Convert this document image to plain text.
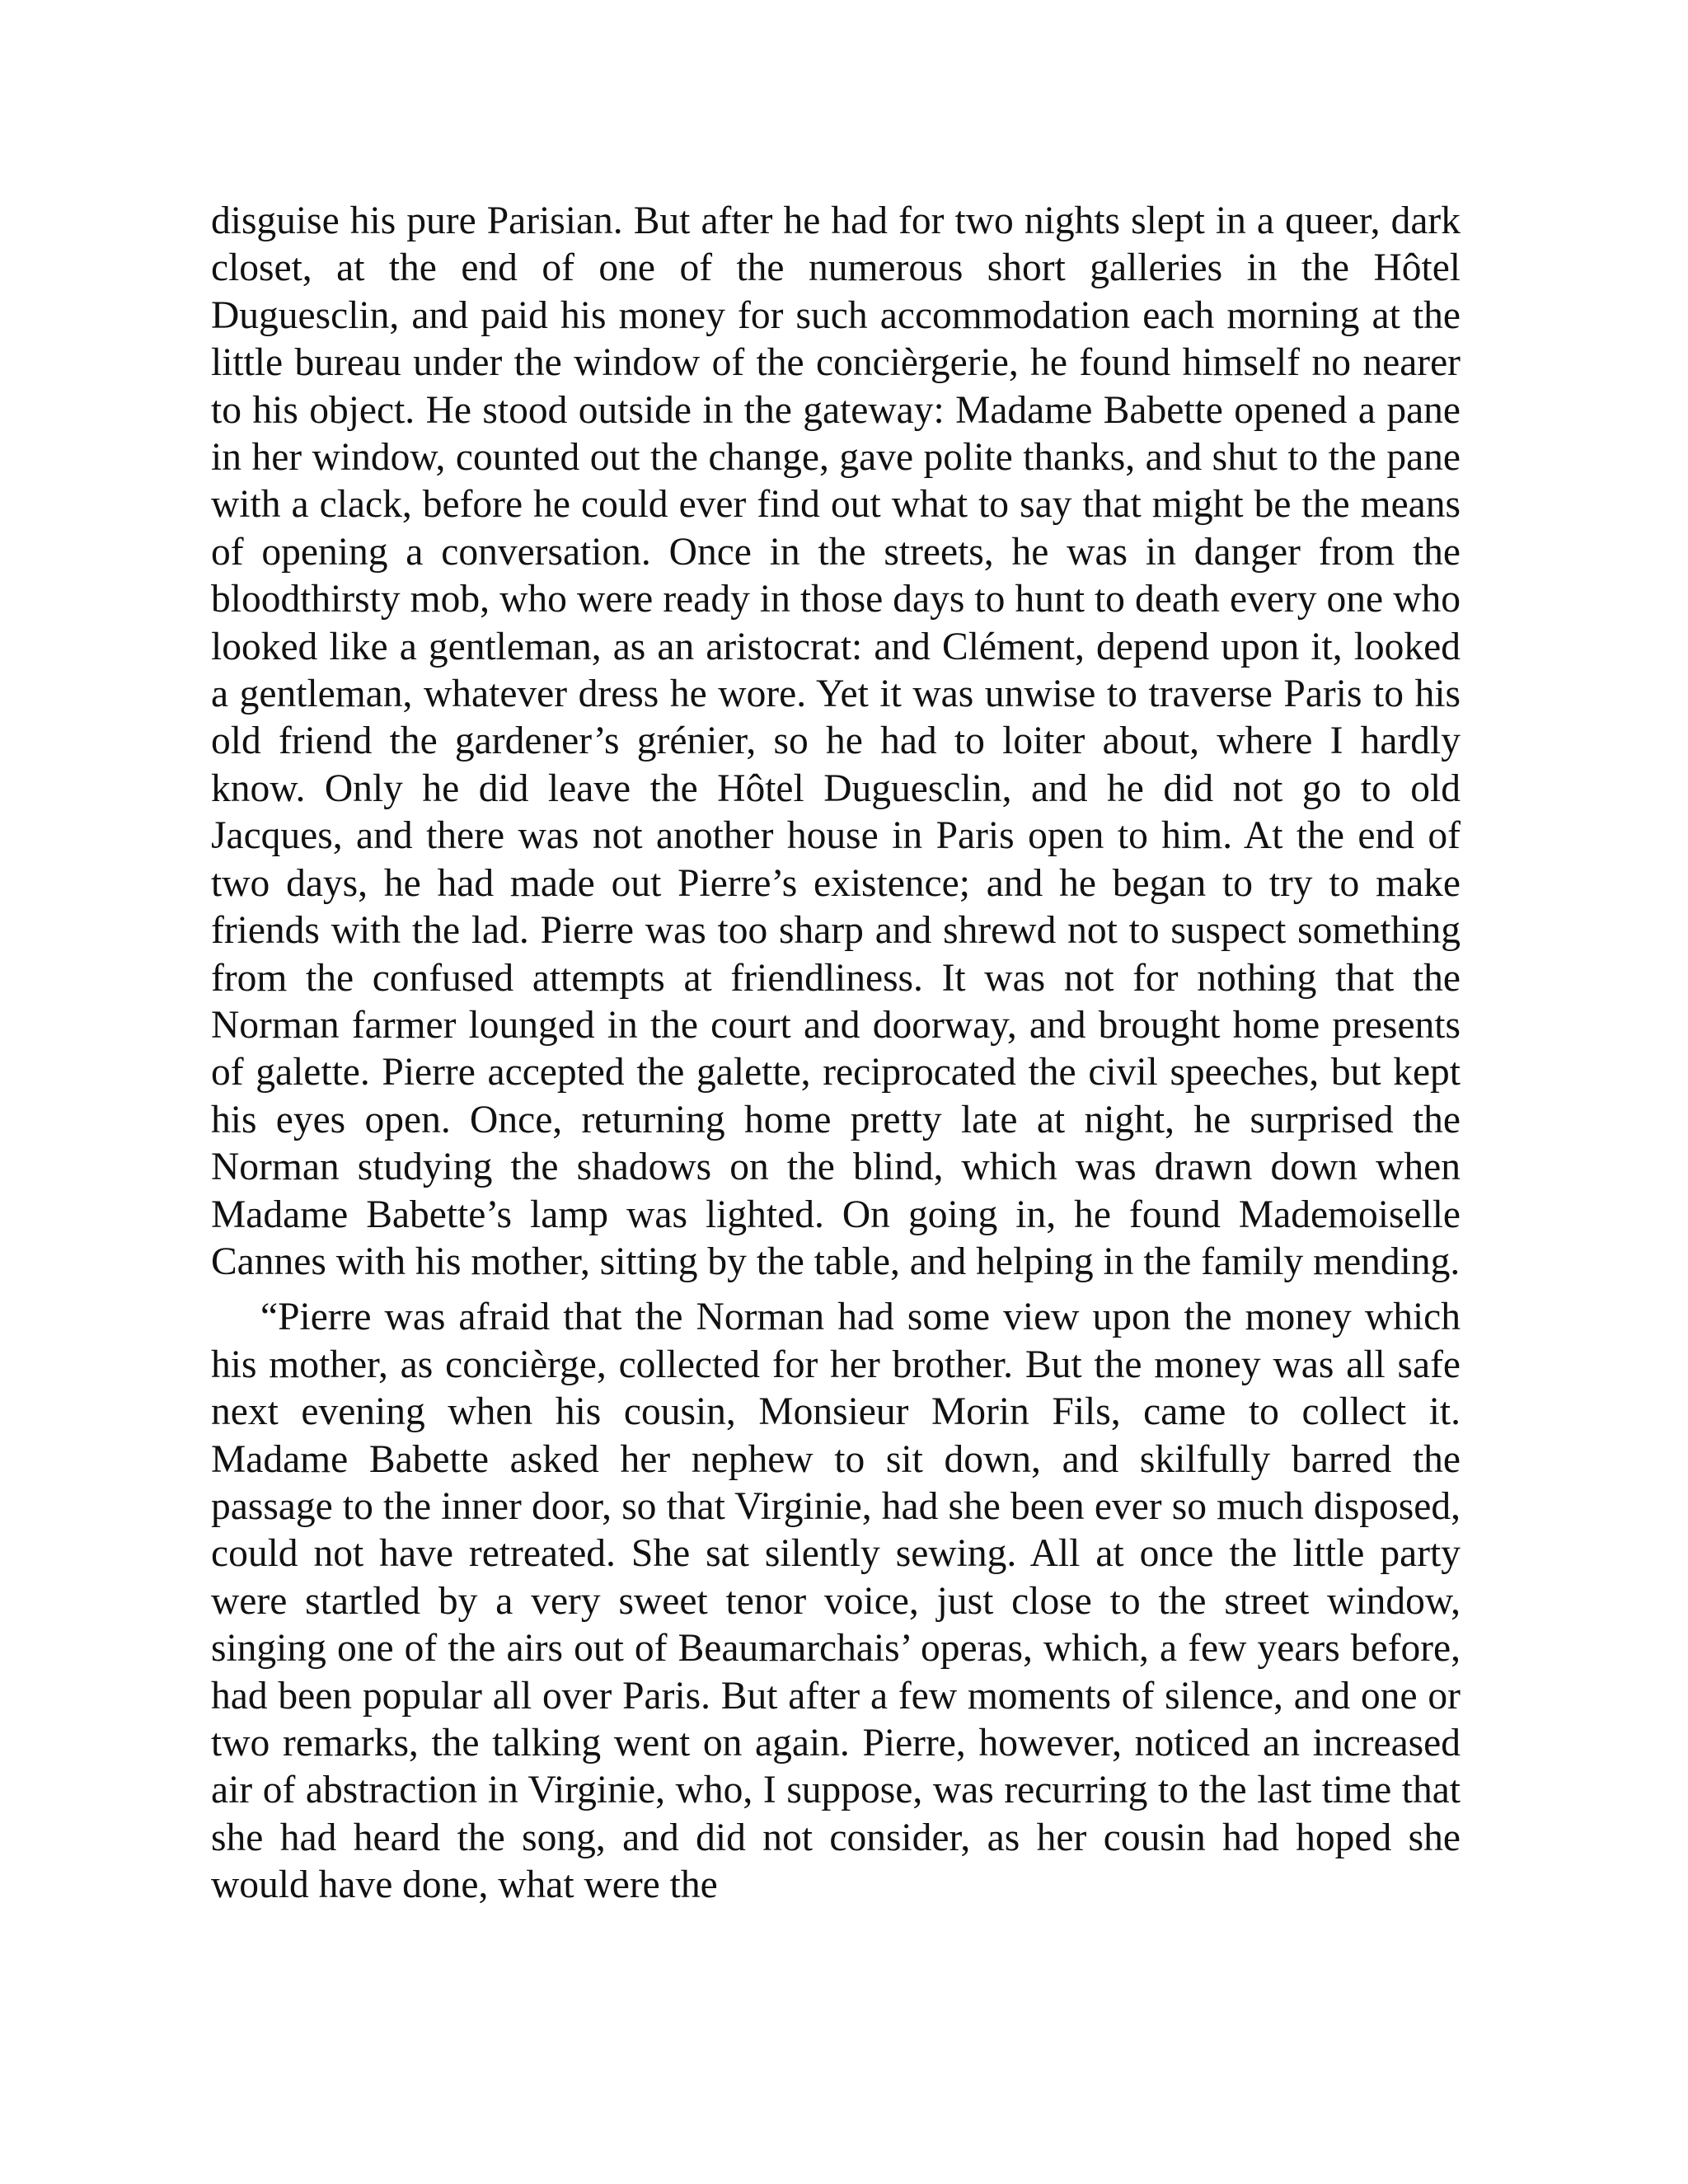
disguise his pure Parisian. But after he had for two nights slept in a queer, dark closet, at the end of one of the numerous short galleries in the Hôtel Duguesclin, and paid his money for such accommodation each morning at the little bureau under the window of the concièrgerie, he found himself no nearer to his object. He stood outside in the gateway: Madame Babette opened a pane in her window, counted out the change, gave polite thanks, and shut to the pane with a clack, before he could ever find out what to say that might be the means of opening a conversation. Once in the streets, he was in danger from the bloodthirsty mob, who were ready in those days to hunt to death every one who looked like a gentleman, as an aristocrat: and Clément, depend upon it, looked a gentleman, whatever dress he wore. Yet it was unwise to traverse Paris to his old friend the gardener’s grénier, so he had to loiter about, where I hardly know. Only he did leave the Hôtel Duguesclin, and he did not go to old Jacques, and there was not another house in Paris open to him. At the end of two days, he had made out Pierre’s existence; and he began to try to make friends with the lad. Pierre was too sharp and shrewd not to suspect something from the confused attempts at friendliness. It was not for nothing that the Norman farmer lounged in the court and doorway, and brought home presents of galette. Pierre accepted the galette, reciprocated the civil speeches, but kept his eyes open. Once, returning home pretty late at night, he surprised the Norman studying the shadows on the blind, which was drawn down when Madame Babette’s lamp was lighted. On going in, he found Mademoiselle Cannes with his mother, sitting by the table, and helping in the family mending.

“Pierre was afraid that the Norman had some view upon the money which his mother, as concièrge, collected for her brother. But the money was all safe next evening when his cousin, Monsieur Morin Fils, came to collect it. Madame Babette asked her nephew to sit down, and skilfully barred the passage to the inner door, so that Virginie, had she been ever so much disposed, could not have retreated. She sat silently sewing. All at once the little party were startled by a very sweet tenor voice, just close to the street window, singing one of the airs out of Beaumarchais’ operas, which, a few years before, had been popular all over Paris. But after a few moments of silence, and one or two remarks, the talking went on again. Pierre, however, noticed an increased air of abstraction in Virginie, who, I suppose, was recurring to the last time that she had heard the song, and did not consider, as her cousin had hoped she would have done, what were the
